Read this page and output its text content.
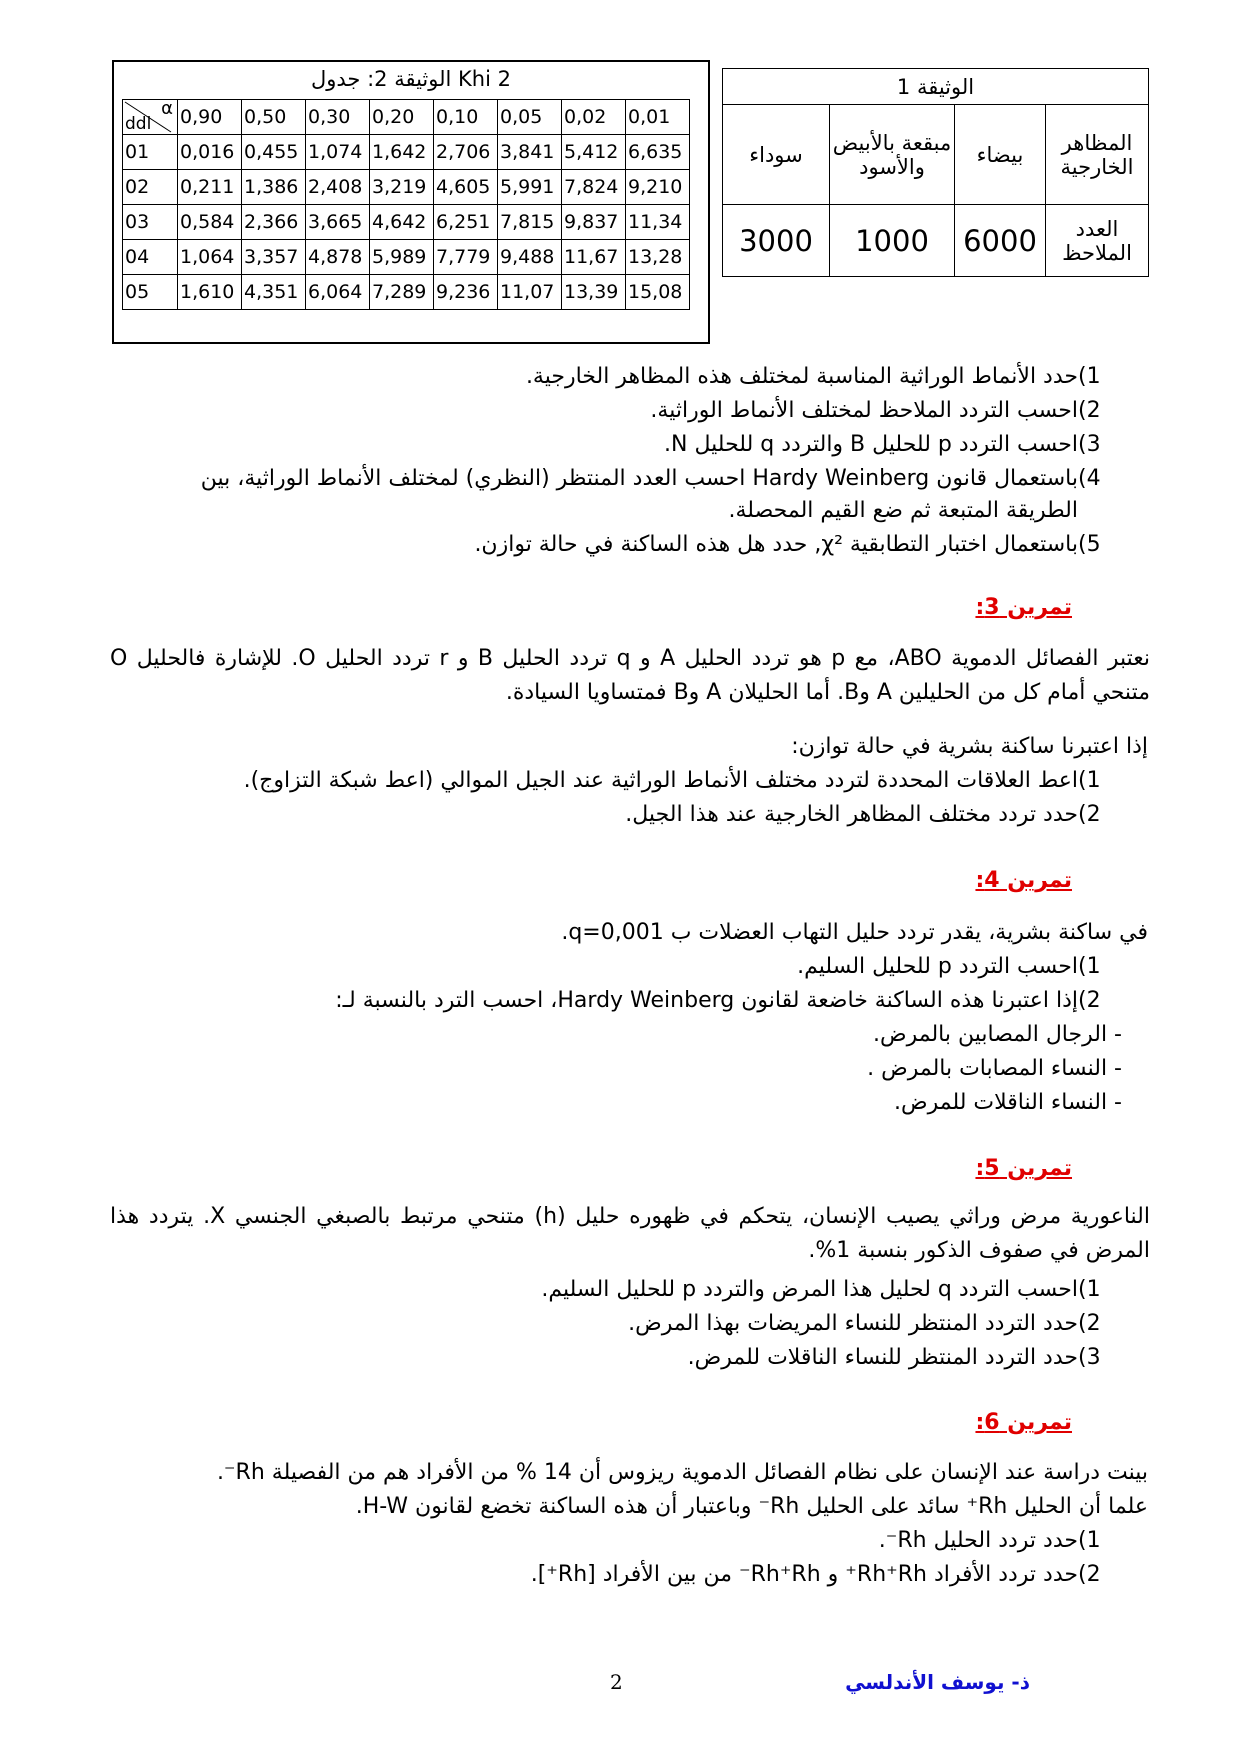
الوثيقة 2: جدول Khi 2
α
ddl	0,90	0,50	0,30	0,20	0,10	0,05	0,02	0,01
01	0,016	0,455	1,074	1,642	2,706	3,841	5,412	6,635
02	0,211	1,386	2,408	3,219	4,605	5,991	7,824	9,210
03	0,584	2,366	3,665	4,642	6,251	7,815	9,837	11,34
04	1,064	3,357	4,878	5,989	7,779	9,488	11,67	13,28
05	1,610	4,351	6,064	7,289	9,236	11,07	13,39	15,08
الوثيقة 1			
المظاهر الخارجية	بيضاء	مبقعة بالأبيض والأسود	سوداء
العدد الملاحظ	6000	1000	3000
1)حدد الأنماط الوراثية المناسبة لمختلف هذه المظاهر الخارجية.
2)احسب التردد الملاحظ لمختلف الأنماط الوراثية.
3)احسب التردد p للحليل B والتردد q للحليل N.
4)باستعمال قانون Hardy Weinberg احسب العدد المنتظر (النظري) لمختلف الأنماط الوراثية، بين
الطريقة المتبعة ثم ضع القيم المحصلة.
5)باستعمال اختبار التطابقية χ², حدد هل هذه الساكنة في حالة توازن.
تمرين 3:
نعتبر الفصائل الدموية ABO، مع p هو تردد الحليل A و q تردد الحليل B و r تردد الحليل O. للإشارة فالحليل O متنحي أمام كل من الحليلين A وB. أما الحليلان A وB فمتساويا السيادة.
إذا اعتبرنا ساكنة بشرية في حالة توازن:
1)اعط العلاقات المحددة لتردد مختلف الأنماط الوراثية عند الجيل الموالي (اعط شبكة التزاوج).
2)حدد تردد مختلف المظاهر الخارجية عند هذا الجيل.
تمرين 4:
في ساكنة بشرية، يقدر تردد حليل التهاب العضلات ب q=0,001.
1)احسب التردد p للحليل السليم.
2)إذا اعتبرنا هذه الساكنة خاضعة لقانون Hardy Weinberg، احسب الترد بالنسبة لـ:
- الرجال المصابين بالمرض.
- النساء المصابات بالمرض .
- النساء الناقلات للمرض.
تمرين 5:
الناعورية مرض وراثي يصيب الإنسان، يتحكم في ظهوره حليل (h) متنحي مرتبط بالصبغي الجنسي X. يتردد هذا المرض في صفوف الذكور بنسبة 1%.
1)احسب التردد q لحليل هذا المرض والتردد p للحليل السليم.
2)حدد التردد المنتظر للنساء المريضات بهذا المرض.
3)حدد التردد المنتظر للنساء الناقلات للمرض.
تمرين 6:
بينت دراسة عند الإنسان على نظام الفصائل الدموية ريزوس أن 14 % من الأفراد هم من الفصيلة Rh⁻.
علما أن الحليل Rh⁺ سائد على الحليل Rh⁻ وباعتبار أن هذه الساكنة تخضع لقانون H-W.
1)حدد تردد الحليل Rh⁻.
2)حدد تردد الأفراد Rh⁺Rh⁺ و Rh⁺Rh⁻ من بين الأفراد [Rh⁺].
2	ذ- يوسف الأندلسي
